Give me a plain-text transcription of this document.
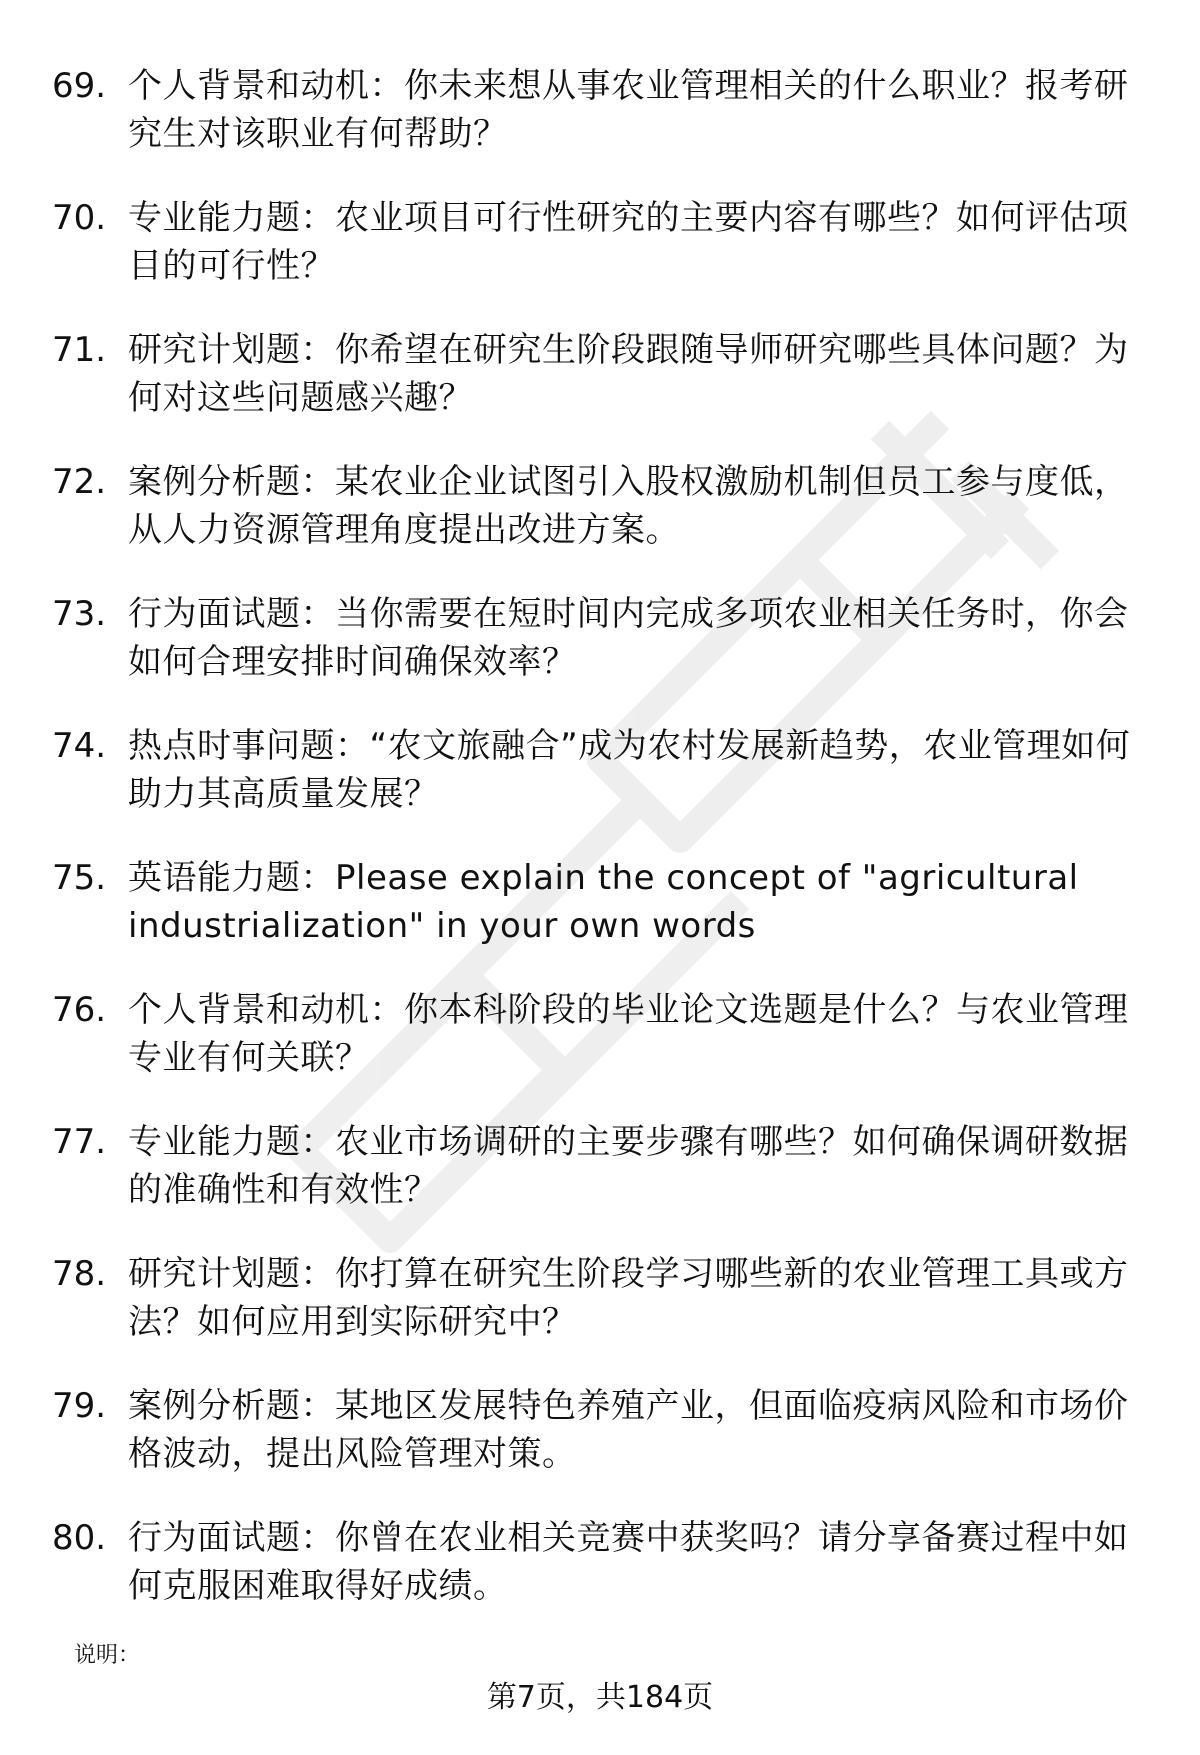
69. 个人背景和动机：你未来想从事农业管理相关的什么职业？报考研究生对该职业有何帮助？
70. 专业能力题：农业项目可行性研究的主要内容有哪些？如何评估项目的可行性？
71. 研究计划题：你希望在研究生阶段跟随导师研究哪些具体问题？为何对这些问题感兴趣？
72. 案例分析题：某农业企业试图引入股权激励机制但员工参与度低，从人力资源管理角度提出改进方案。
73. 行为面试题：当你需要在短时间内完成多项农业相关任务时，你会如何合理安排时间确保效率？
74. 热点时事问题：“农文旅融合”成为农村发展新趋势，农业管理如何助力其高质量发展？
75. 英语能力题：Please explain the concept of "agricultural industrialization" in your own words
76. 个人背景和动机：你本科阶段的毕业论文选题是什么？与农业管理专业有何关联？
77. 专业能力题：农业市场调研的主要步骤有哪些？如何确保调研数据的准确性和有效性？
78. 研究计划题：你打算在研究生阶段学习哪些新的农业管理工具或方法？如何应用到实际研究中？
79. 案例分析题：某地区发展特色养殖产业，但面临疫病风险和市场价格波动，提出风险管理对策。
80. 行为面试题：你曾在农业相关竞赛中获奖吗？请分享备赛过程中如何克服困难取得好成绩。
说明：
第7页，共184页
